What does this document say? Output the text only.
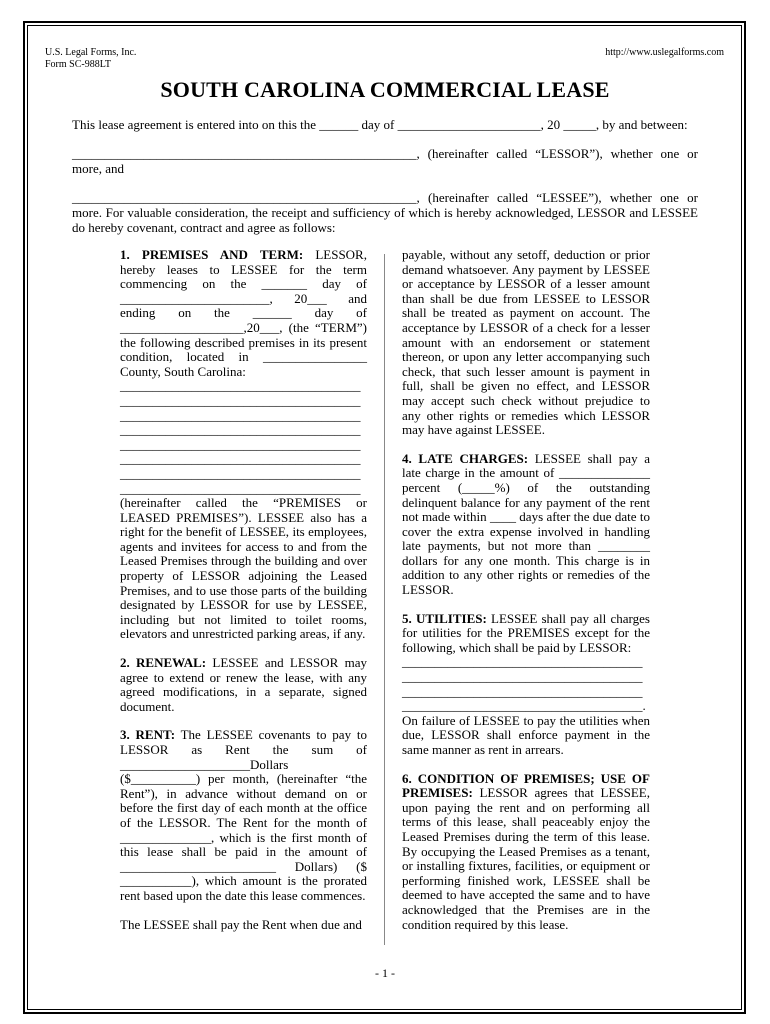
U.S. Legal Forms, Inc.
Form SC-988LT
http://www.uslegalforms.com
SOUTH CAROLINA COMMERCIAL LEASE
This lease agreement is entered into on this the ______ day of ______________________, 20 _____, by and between:
_____________________________________________________, (hereinafter called “LESSOR”), whether one or more, and
_____________________________________________________, (hereinafter called “LESSEE”), whether one or more. For valuable consideration, the receipt and sufficiency of which is hereby acknowledged, LESSOR and LESSEE do hereby covenant, contract and agree as follows:

1. PREMISES AND TERM: LESSOR, hereby leases to LESSEE for the term commencing on the _______ day of _______________________, 20___ and ending on the ______ day of ___________________,20___, (the “TERM”) the following described premises in its present condition, located in ________________ County, South Carolina:

_____________________________________
_____________________________________
_____________________________________
_____________________________________
_____________________________________
_____________________________________
_____________________________________
_____________________________________

(hereinafter called the “PREMISES or LEASED PREMISES”). LESSEE also has a right for the benefit of LESSEE, its employees, agents and invitees for access to and from the Leased Premises through the building and over property of LESSOR adjoining the Leased Premises, and to use those parts of the building designated by LESSOR for use by LESSEE, including but not limited to toilet rooms, elevators and unrestricted parking areas, if any.

2. RENEWAL: LESSEE and LESSOR may agree to extend or renew the lease, with any agreed modifications, in a separate, signed document.

3. RENT: The LESSEE covenants to pay to LESSOR as Rent the sum of ____________________Dollars ($__________) per month, (hereinafter “the Rent”), in advance without demand on or before the first day of each month at the office of the LESSOR. The Rent for the month of ______________, which is the first month of this lease shall be paid in the amount of ________________________ Dollars) ($ ___________), which amount is the prorated rent based upon the date this lease commences.

The LESSEE shall pay the Rent when due and

payable, without any setoff, deduction or prior demand whatsoever. Any payment by LESSEE or acceptance by LESSOR of a lesser amount than shall be due from LESSEE to LESSOR shall be treated as payment on account. The acceptance by LESSOR of a check for a lesser amount with an endorsement or statement thereon, or upon any letter accompanying such check, that such lesser amount is payment in full, shall be given no effect, and LESSOR may accept such check without prejudice to any other rights or remedies which LESSOR may have against LESSEE.

4. LATE CHARGES: LESSEE shall pay a late charge in the amount of ______________ percent (_____%) of the outstanding delinquent balance for any payment of the rent not made within ____ days after the due date to cover the extra expense involved in handling late payments, but not more than ________ dollars for any one month. This charge is in addition to any other rights or remedies of the LESSOR.

5. UTILITIES: LESSEE shall pay all charges for utilities for the PREMISES except for the following, which shall be paid by LESSOR:

_____________________________________
_____________________________________
_____________________________________
_____________________________________.

On failure of LESSEE to pay the utilities when due, LESSOR shall enforce payment in the same manner as rent in arrears.

6. CONDITION OF PREMISES; USE OF PREMISES: LESSOR agrees that LESSEE, upon paying the rent and on performing all terms of this lease, shall peaceably enjoy the Leased Premises during the term of this lease. By occupying the Leased Premises as a tenant, or installing fixtures, facilities, or equipment or performing finished work, LESSEE shall be deemed to have accepted the same and to have acknowledged that the Premises are in the condition required by this lease.

- 1 -
